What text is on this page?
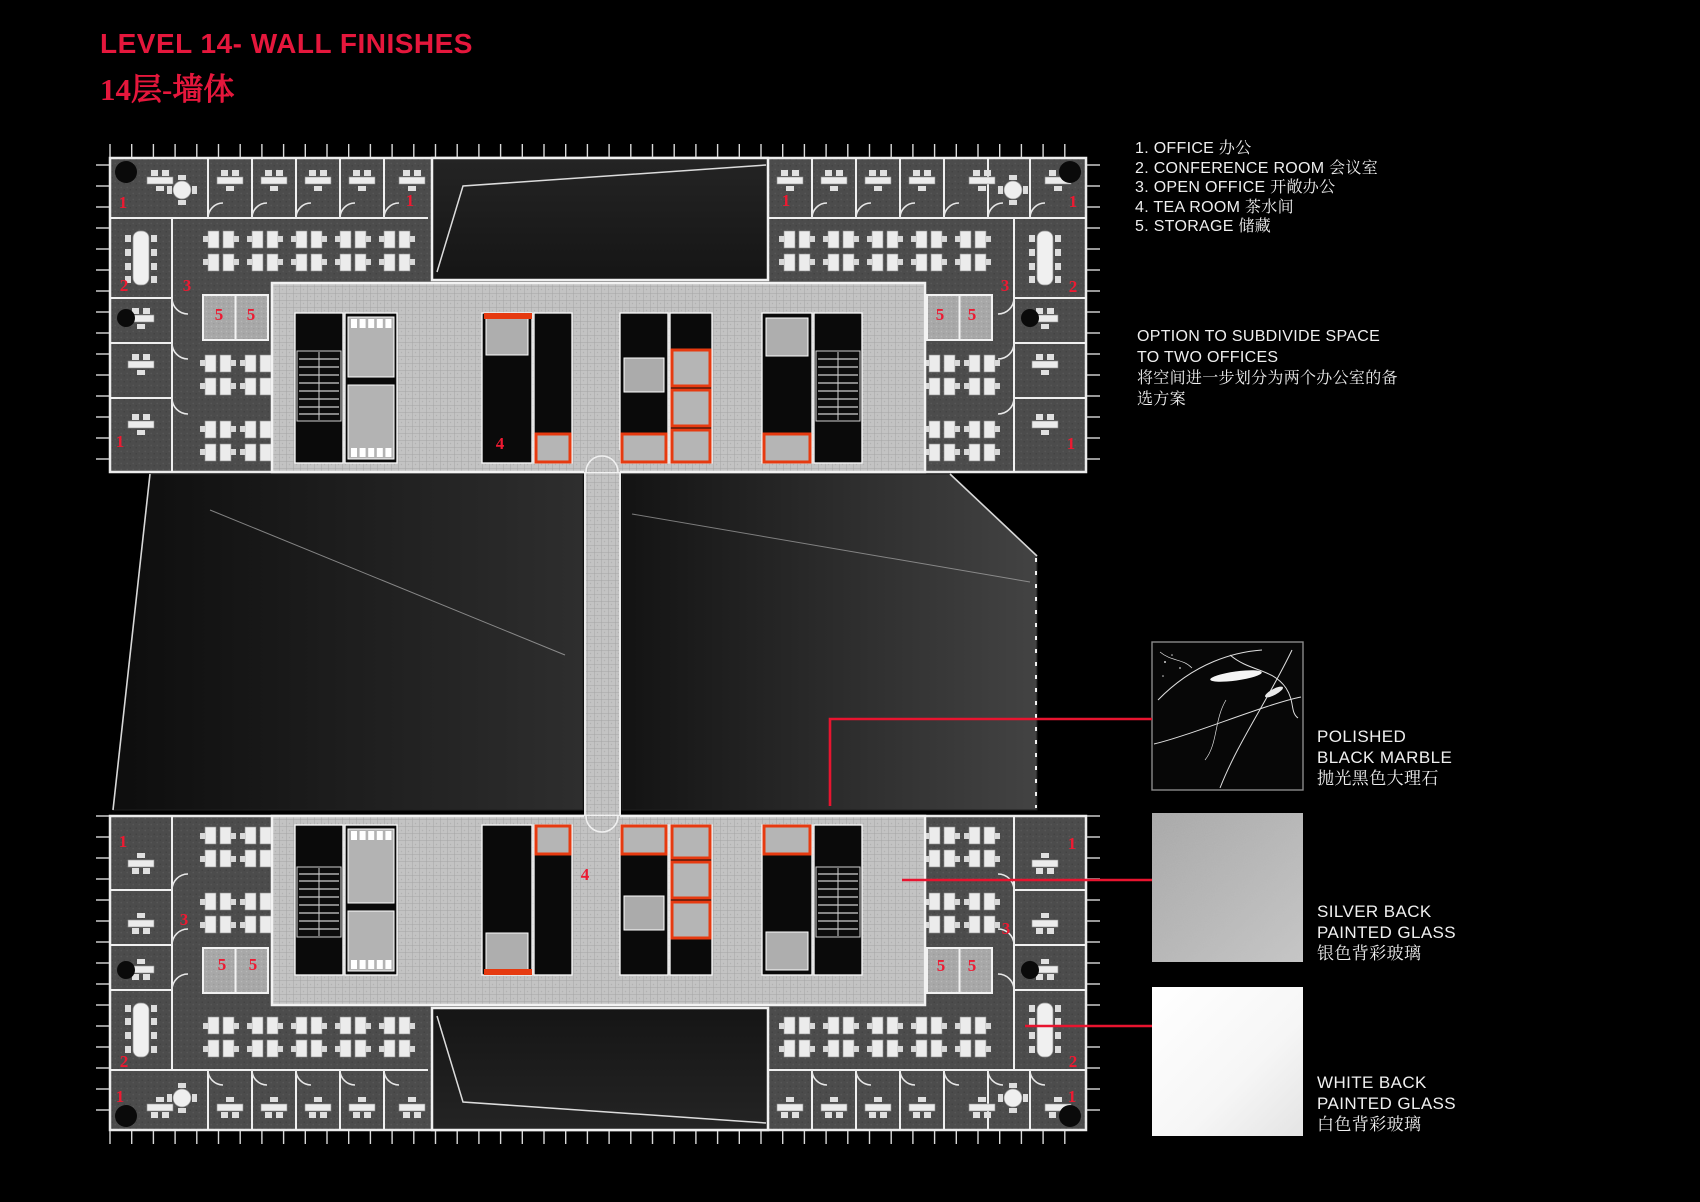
LEVEL 14- WALL FINISHES
14层-墙体
1	1	1	1
2	3	3	2
5 5	5 5
1	1
4
1	1
3	3
5 5	5 5
2	2
4
1	1
1. OFFICE 办公
2. CONFERENCE ROOM 会议室
3. OPEN OFFICE 开敞办公
4. TEA ROOM 茶水间
5. STORAGE 储藏
OPTION TO SUBDIVIDE SPACE
TO TWO OFFICES
将空间进一步划分为两个办公室的备
选方案
POLISHED
BLACK MARBLE
抛光黑色大理石
SILVER BACK
PAINTED GLASS
银色背彩玻璃
WHITE BACK
PAINTED GLASS
白色背彩玻璃
